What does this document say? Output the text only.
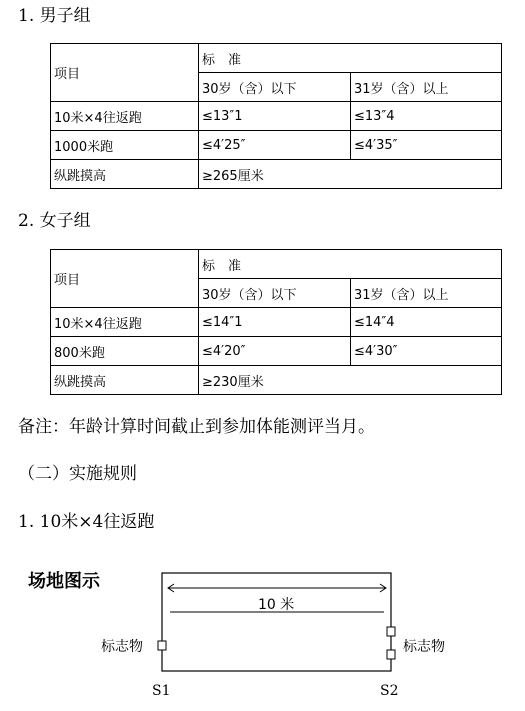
1. 男子组
项目	标　准	
	30岁（含）以下	31岁（含）以上
10米×4往返跑	≤13″1	≤13″4
1000米跑	≤4′25″	≤4′35″
纵跳摸高	≥265厘米	
2. 女子组
项目	标　准	
	30岁（含）以下	31岁（含）以上
10米×4往返跑	≤14″1	≤14″4
800米跑	≤4′20″	≤4′30″
纵跳摸高	≥230厘米	
备注：年龄计算时间截止到参加体能测评当月。
（二）实施规则
1. 10米×4往返跑
场地图示
10 米
标志物	标志物
S1	S2
